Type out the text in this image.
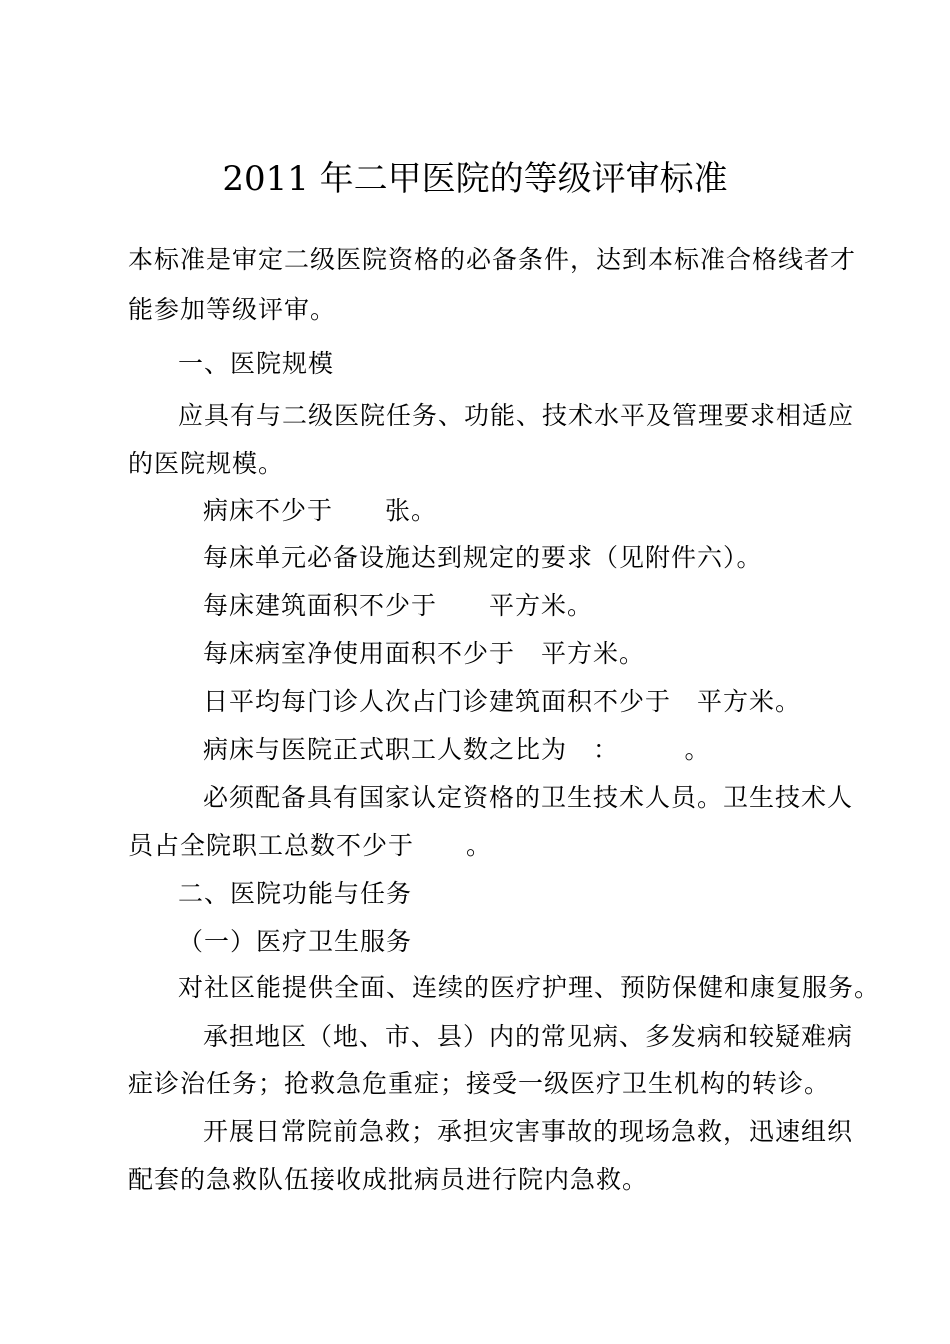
2011 年二甲医院的等级评审标准
本标准是审定二级医院资格的必备条件，达到本标准合格线者才
能参加等级评审。
一、医院规模
应具有与二级医院任务、功能、技术水平及管理要求相适应
的医院规模。
病床不少于　　张。
每床单元必备设施达到规定的要求（见附件六）。
每床建筑面积不少于　　平方米。
每床病室净使用面积不少于　平方米。
日平均每门诊人次占门诊建筑面积不少于　平方米。
病床与医院正式职工人数之比为　：　　　。
必须配备具有国家认定资格的卫生技术人员。卫生技术人
员占全院职工总数不少于　　。
二、医院功能与任务
（一）医疗卫生服务
对社区能提供全面、连续的医疗护理、预防保健和康复服务。
承担地区（地、市、县）内的常见病、多发病和较疑难病
症诊治任务；抢救急危重症；接受一级医疗卫生机构的转诊。
开展日常院前急救；承担灾害事故的现场急救，迅速组织
配套的急救队伍接收成批病员进行院内急救。
